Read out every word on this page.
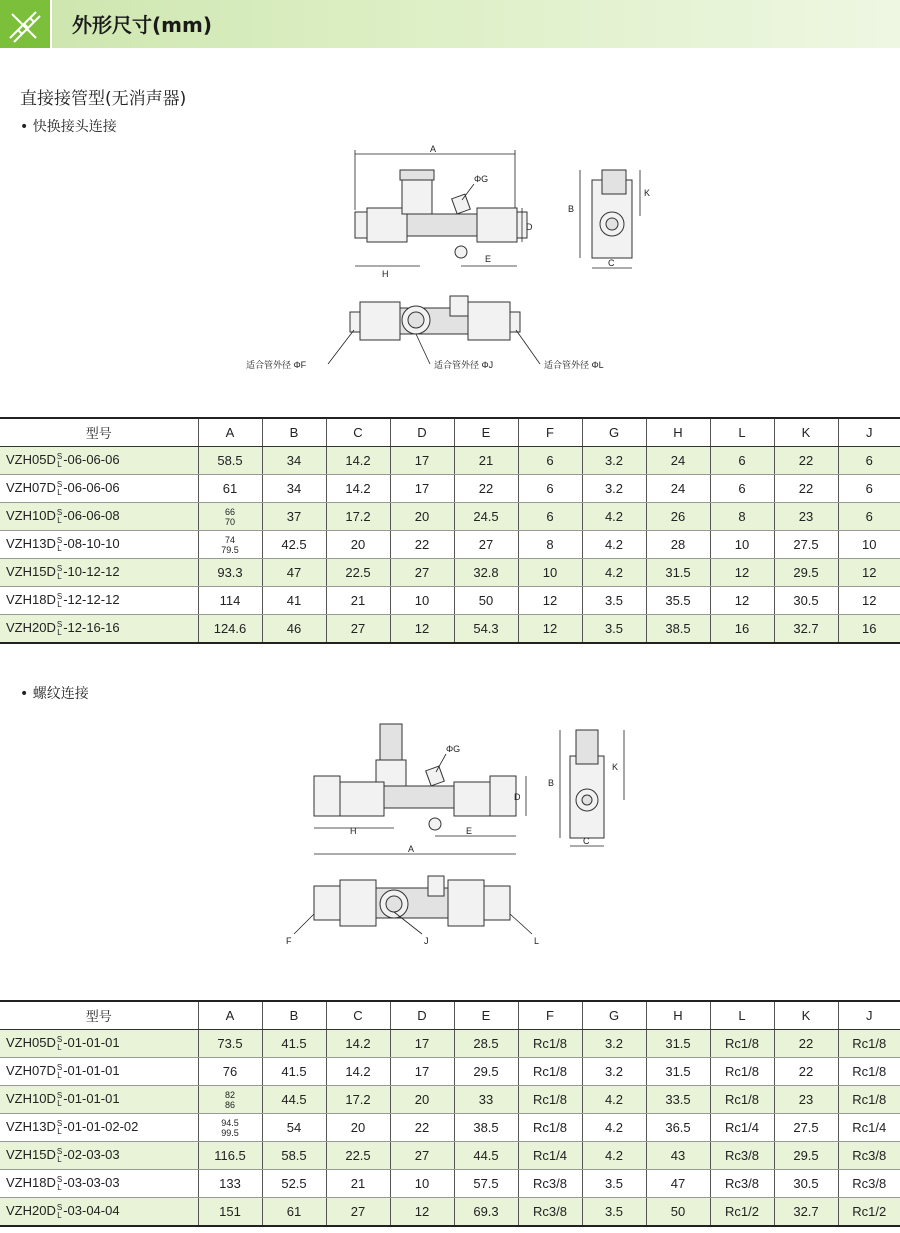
外形尺寸(mm)
直接接管型(无消声器)
• 快换接头连接
A
ΦG
D
H
E
B
K
C
适合管外径 ΦF	适合管外径 ΦJ	适合管外径 ΦL
型号	A	B	C	D	E	F	G	H	L	K	J
VZH05D S
L -06-06-06	58.5	34	14.2	17	21	6	3.2	24	6	22	6
VZH07D S
L -06-06-06	61	34	14.2	17	22	6	3.2	24	6	22	6
VZH10D S
L -06-06-08	66
70	37	17.2	20	24.5	6	4.2	26	8	23	6
VZH13D S
L -08-10-10	74
79.5	42.5	20	22	27	8	4.2	28	10	27.5	10
VZH15D S
L -10-12-12	93.3	47	22.5	27	32.8	10	4.2	31.5	12	29.5	12
VZH18D S
L -12-12-12	114	41	21	10	50	12	3.5	35.5	12	30.5	12
VZH20D S
L -12-16-16	124.6	46	27	12	54.3	12	3.5	38.5	16	32.7	16
• 螺纹连接
ΦG
D
H	E
A
B
K
C
F	J	L
型号	A	B	C	D	E	F	G	H	L	K	J
VZH05D S
L -01-01-01	73.5	41.5	14.2	17	28.5	Rc1/8	3.2	31.5	Rc1/8	22	Rc1/8
VZH07D S
L -01-01-01	76	41.5	14.2	17	29.5	Rc1/8	3.2	31.5	Rc1/8	22	Rc1/8
VZH10D S
L -01-01-01	82
86	44.5	17.2	20	33	Rc1/8	4.2	33.5	Rc1/8	23	Rc1/8
VZH13D S
L -01-01-02-02	94.5
99.5	54	20	22	38.5	Rc1/8	4.2	36.5	Rc1/4	27.5	Rc1/4
VZH15D S
L -02-03-03	116.5	58.5	22.5	27	44.5	Rc1/4	4.2	43	Rc3/8	29.5	Rc3/8
VZH18D S
L -03-03-03	133	52.5	21	10	57.5	Rc3/8	3.5	47	Rc3/8	30.5	Rc3/8
VZH20D S
L -03-04-04	151	61	27	12	69.3	Rc3/8	3.5	50	Rc1/2	32.7	Rc1/2
